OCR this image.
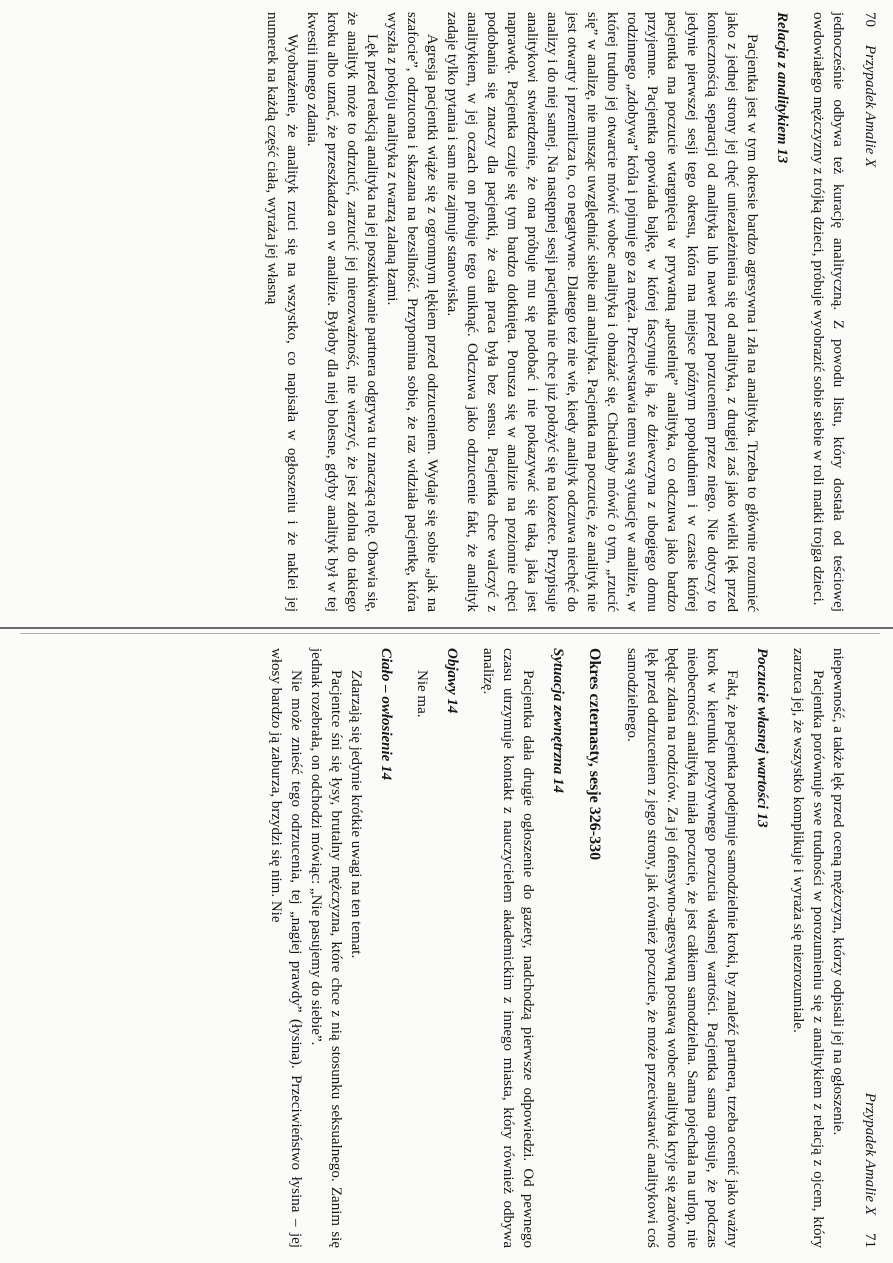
70
Przypadek Amalie X

jednocześnie odbywa też kurację analityczną. Z powodu listu, który dostała od teściowej owdowiałego mężczyzny z trójką dzieci, próbuje wyobrazić sobie siebie w roli matki trojga dzieci.

Relacja z analitykiem 13

Pacjentka jest w tym okresie bardzo agresywna i zła na analityka. Trzeba to głównie rozumieć jako z jednej strony jej chęć uniezależnienia się od analityka, z drugiej zaś jako wielki lęk przed koniecznością separacji od analityka lub nawet przed porzuceniem przez niego. Nie dotyczy to jedynie pierwszej sesji tego okresu, która ma miejsce późnym popołudniem i w czasie której pacjentka ma poczucie wtargnięcia w prywatną „pustelnię” analityka, co odczuwa jako bardzo przyjemne. Pacjentka opowiada bajkę, w której fascynuje ją, że dziewczyna z ubogiego domu rodzinnego „zdobywa” króla i pojmuje go za męża. Przeciwstawia temu swą sytuację w analizie, w której trudno jej otwarcie mówić wobec analityka i obnażać się. Chciałaby mówić o tym, „rzucić się” w analizę, nie musząc uwzględniać siebie ani analityka. Pacjentka ma poczucie, że analityk nie jest otwarty i przemilcza to, co negatywne. Dlatego też nie wie, kiedy analityk odczuwa niechęć do analizy i do niej samej. Na następnej sesji pacjentka nie chce już położyć się na kozetce. Przypisuje analitykowi stwierdzenie, że ona próbuje mu się podobać i nie pokazywać się taką, jaka jest naprawdę. Pacjentka czuje się tym bardzo dotknięta. Porusza się w analizie na poziomie chęci podobania się znaczy dla pacjentki, że cała praca była bez sensu. Pacjentka chce walczyć z analitykiem, w jej oczach on próbuje tego uniknąć. Odczuwa jako odrzucenie fakt, że analityk zadaje tylko pytania i sam nie zajmuje stanowiska.

Agresja pacjentki wiąże się z ogromnym lękiem przed odrzuceniem. Wydaje się sobie „jak na szafocie”, odrzucona i skazana na bezsilność. Przypomina sobie, że raz widziała pacjentkę, która wyszła z pokoju analityka z twarzą zalaną łzami.

Lęk przed reakcją analityka na jej poszukiwanie partnera odgrywa tu znaczącą rolę. Obawia się, że analityk może to odrzucić, zarzucić jej nierozważność, nie wierzyć, że jest zdolna do takiego kroku albo uznać, że przeszkadza on w analizie. Byłoby dla niej bolesne, gdyby analityk był w tej kwestii innego zdania.

Wyobrażenie, że analityk rzuci się na wszystko, co napisała w ogłoszeniu i że naklei jej numerek na każdą część ciała, wyraża jej własną

Przypadek Amalie X
71

niepewność, a także lęk przed oceną mężczyzn, którzy odpisali jej na ogłoszenie.

Pacjentka porównuje swe trudności w porozumieniu się z analitykiem z relacją z ojcem, który zarzuca jej, że wszystko komplikuje i wyraża się niezrozumiale.

Poczucie własnej wartości 13

Fakt, że pacjentka podejmuje samodzielnie kroki, by znaleźć partnera, trzeba ocenić jako ważny krok w kierunku pozytywnego poczucia własnej wartości. Pacjentka sama opisuje, że podczas nieobecności analityka miała poczucie, że jest całkiem samodzielna. Sama pojechała na urlop, nie będąc zdana na rodziców. Za jej ofensywno-agresywną postawą wobec analityka kryje się zarówno lęk przed odrzuceniem z jego strony, jak również poczucie, że może przeciwstawić analitykowi coś samodzielnego.

Okres czternasty, sesje 326-330

Sytuacja zewnętrzna 14

Pacjentka dała drugie ogłoszenie do gazety, nadchodzą pierwsze odpowiedzi. Od pewnego czasu utrzymuje kontakt z nauczycielem akademickim z innego miasta, który również odbywa analizę.

Objawy 14

Nie ma.

Ciało – owłosienie 14

Zdarzają się jedynie krótkie uwagi na ten temat.

Pacjentce śni się łysy, brutalny mężczyzna, które chce z nią stosunku seksualnego. Zanim się jednak rozebrała, on odchodzi mówiąc: „Nie pasujemy do siebie”.

Nie może znieść tego odrzucenia, tej „nagiej prawdy” (łysina). Przeciwieństwo łysina – jej włosy bardzo ją zaburza, brzydzi się nim. Nie
